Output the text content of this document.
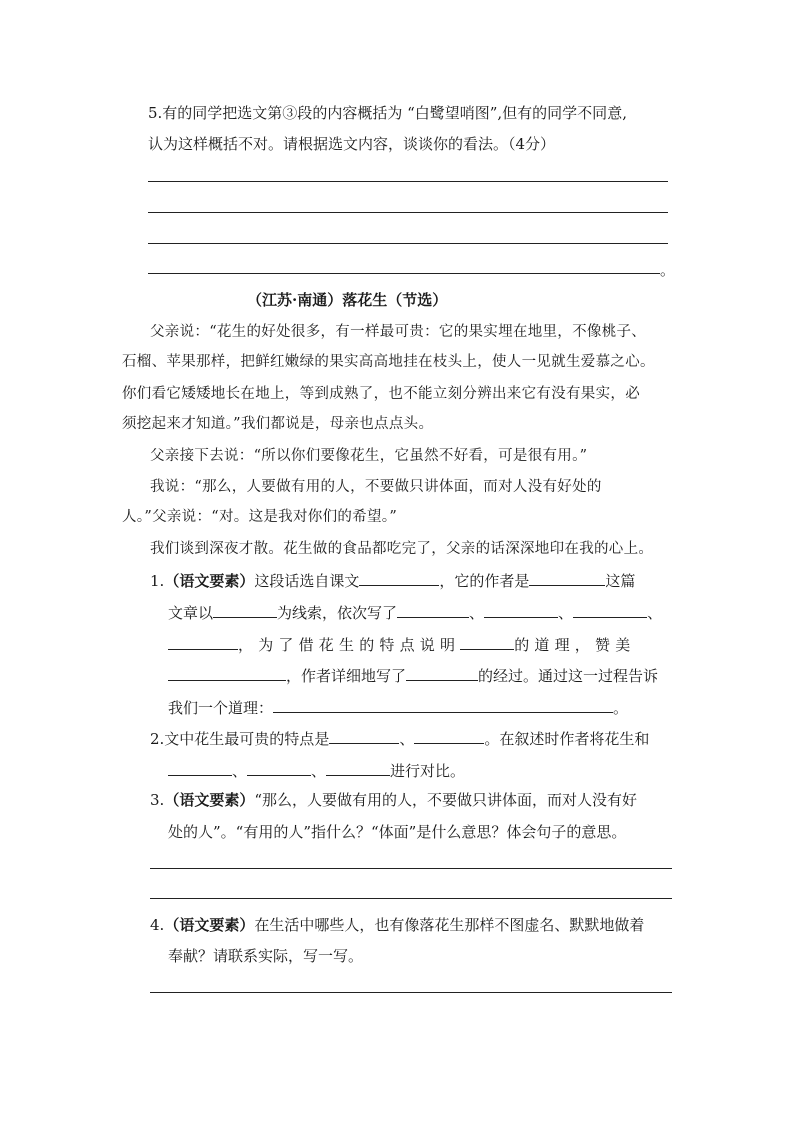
5.有的同学把选文第③段的内容概括为 “白鹭望哨图”,但有的同学不同意,
认为这样概括不对。请根据选文内容，谈谈你的看法。（4分）
。
（江苏·南通）落花生（节选）
父亲说：“花生的好处很多，有一样最可贵：它的果实埋在地里，不像桃子、
石榴、苹果那样，把鲜红嫩绿的果实高高地挂在枝头上，使人一见就生爱慕之心。
你们看它矮矮地长在地上，等到成熟了，也不能立刻分辨出来它有没有果实，必
须挖起来才知道。”我们都说是，母亲也点点头。
父亲接下去说：“所以你们要像花生，它虽然不好看，可是很有用。”
我说：“那么，人要做有用的人，不要做只讲体面，而对人没有好处的
人。”父亲说：“对。这是我对你们的希望。”
我们谈到深夜才散。花生做的食品都吃完了，父亲的话深深地印在我的心上。
1.（语文要素）这段话选自课文	，它的作者是	这篇
文章以	为线索，依次写了	、	、	、
，为了借花生的特点说明	的道理，赞美
，作者详细地写了	的经过。通过这一过程告诉
我们一个道理：	。
2.文中花生最可贵的特点是	、	。在叙述时作者将花生和
、	、	进行对比。
3.（语文要素）“那么，人要做有用的人，不要做只讲体面，而对人没有好
处的人”。“有用的人”指什么？“体面”是什么意思？体会句子的意思。
4.（语文要素）在生活中哪些人，也有像落花生那样不图虚名、默默地做着
奉献？请联系实际，写一写。
